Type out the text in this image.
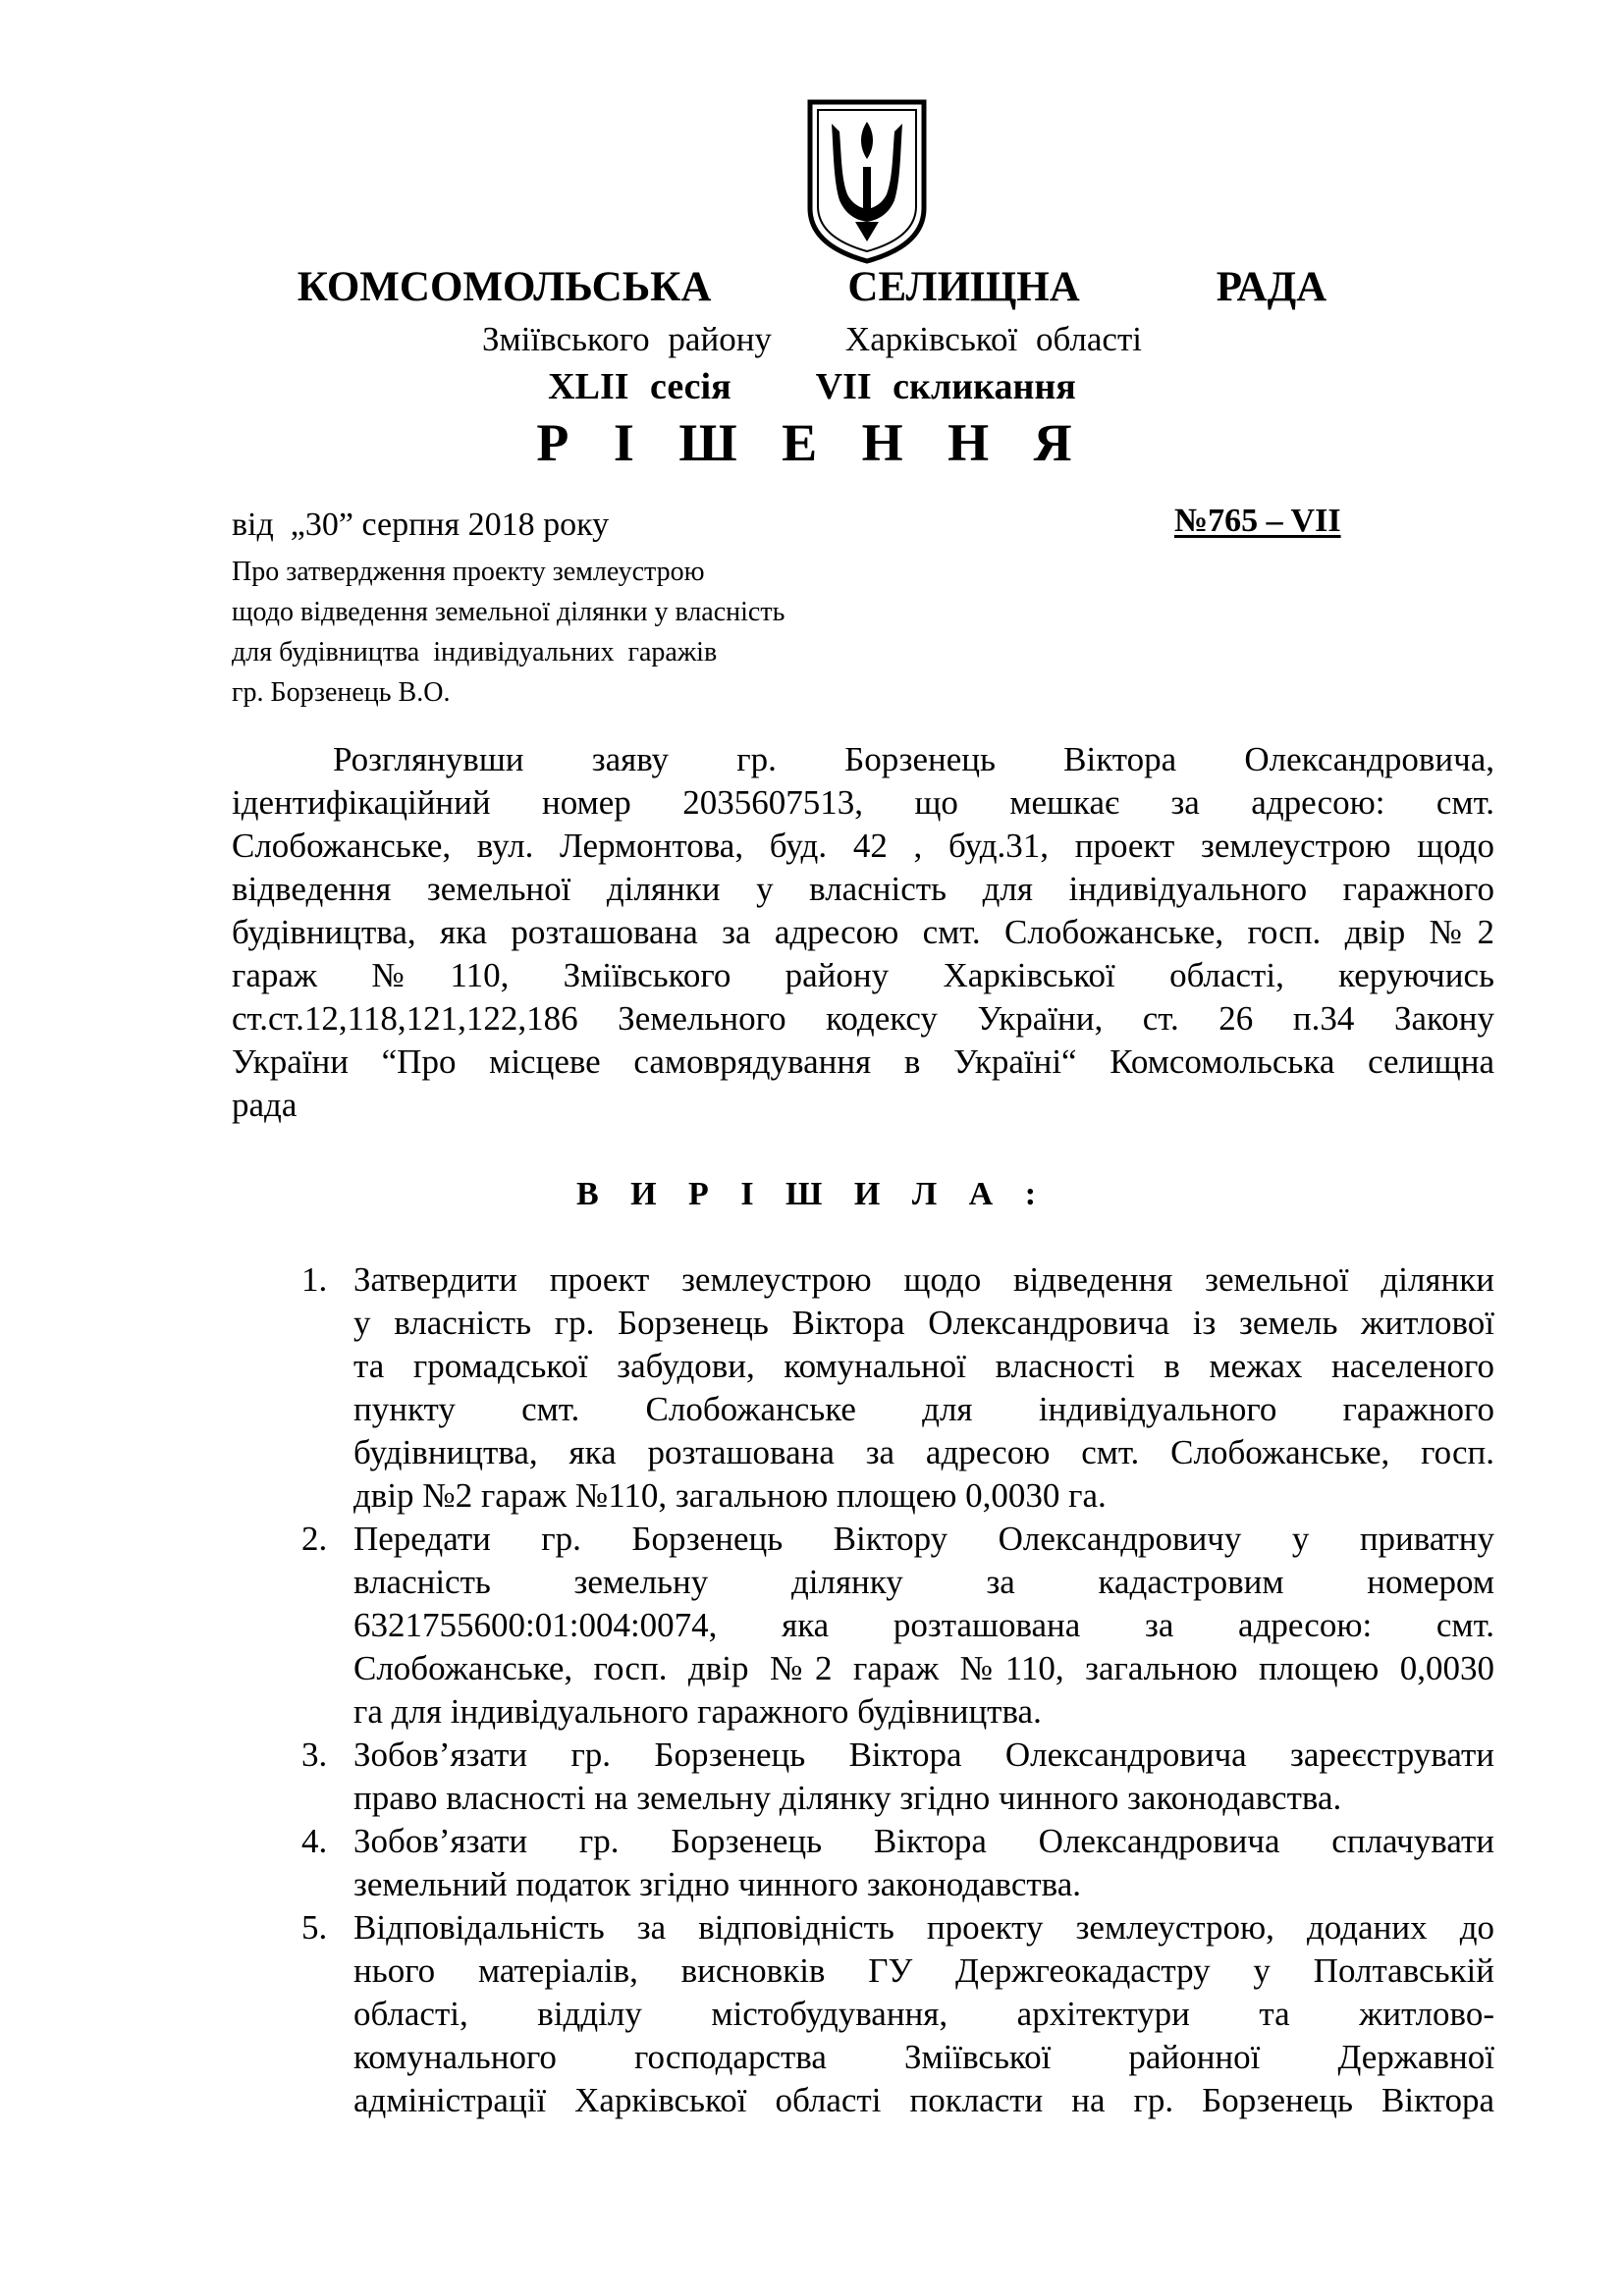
КОМСОМОЛЬСЬКА    СЕЛИЩНА    РАДА
Зміївського району    Харківської області
XLII сесія    VII скликання
Р І Ш Е Н Н Я
від  „30” серпня 2018 року	№765 – VII
Про затвердження проекту землеустрою
щодо відведення земельної ділянки у власність
для будівництва  індивідуальних  гаражів
гр. Борзенець В.О.
Розглянувши заяву гр. Борзенець Віктора Олександровича,
ідентифікаційний номер 2035607513, що мешкає за адресою: смт.
Слобожанське, вул. Лермонтова, буд. 42 , буд.31, проект землеустрою щодо
відведення земельної ділянки у власність для індивідуального гаражного
будівництва, яка розташована за адресою смт. Слобожанське, госп. двір №2
гараж №110, Зміївського району Харківської області, керуючись
ст.ст.12,118,121,122,186 Земельного кодексу України, ст. 26 п.34 Закону
України “Про місцеве самоврядування в Україні“ Комсомольська селищна
рада
В И Р І Ш И Л А :
1. Затвердити проект землеустрою щодо відведення земельної ділянки
у власність гр. Борзенець Віктора Олександровича із земель житлової
та громадської забудови, комунальної власності в межах населеного
пункту смт. Слобожанське для індивідуального гаражного
будівництва, яка розташована за адресою смт. Слобожанське, госп.
двір №2 гараж №110, загальною площею 0,0030 га.
2. Передати гр. Борзенець Віктору Олександровичу у приватну
власність земельну ділянку за кадастровим номером
6321755600:01:004:0074, яка розташована за адресою: смт.
Слобожанське, госп. двір №2 гараж №110, загальною площею 0,0030
га для індивідуального гаражного будівництва.
3. Зобов’язати гр. Борзенець Віктора Олександровича зареєструвати
право власності на земельну ділянку згідно чинного законодавства.
4. Зобов’язати гр. Борзенець Віктора Олександровича сплачувати
земельний податок згідно чинного законодавства.
5. Відповідальність за відповідність проекту землеустрою, доданих до
нього матеріалів, висновків ГУ Держгеокадастру у Полтавській
області, відділу містобудування, архітектури та житлово-
комунального господарства Зміївської районної Державної
адміністрації Харківської області покласти на гр. Борзенець Віктора
